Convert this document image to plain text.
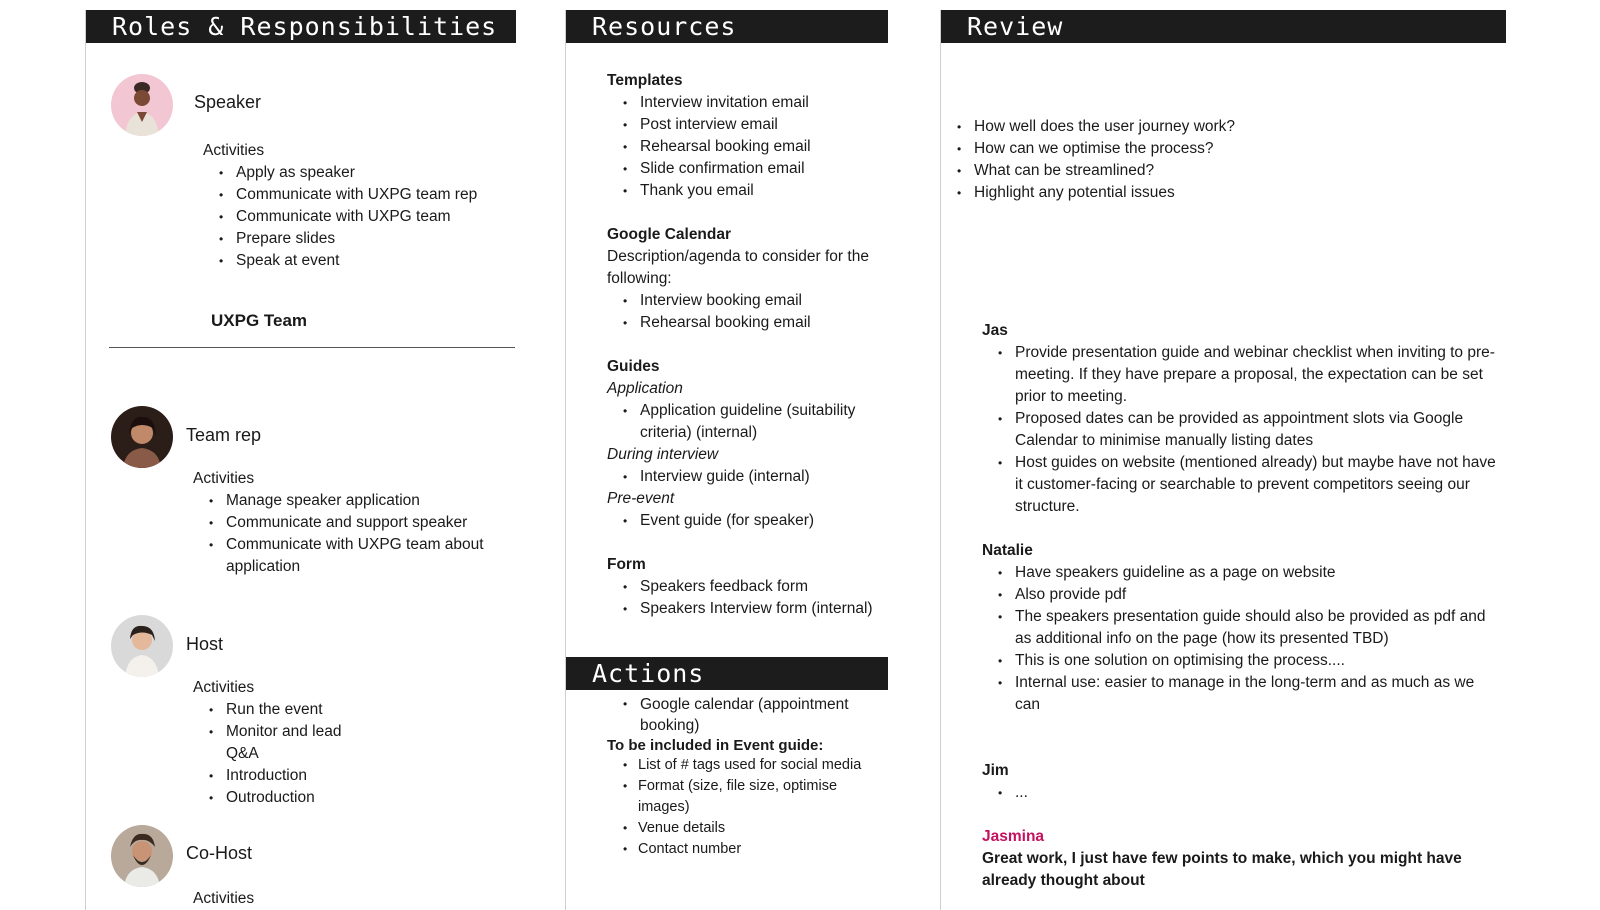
Roles & Responsibilities
Speaker
Activities
• Apply as speaker
• Communicate with UXPG team rep
• Communicate with UXPG team
• Prepare slides
• Speak at event
UXPG Team
Team rep
Activities
• Manage speaker application
• Communicate and support speaker
• Communicate with UXPG team about application
Host
Activities
• Run the event
• Monitor and lead Q&A
• Introduction
• Outroduction
Co-Host
Activities
Resources
Templates
• Interview invitation email
• Post interview email
• Rehearsal booking email
• Slide confirmation email
• Thank you email
Google Calendar
Description/agenda to consider for the following:
• Interview booking email
• Rehearsal booking email
Guides
Application
• Application guideline (suitability criteria) (internal)
During interview
• Interview guide (internal)
Pre-event
• Event guide (for speaker)
Form
• Speakers feedback form
• Speakers Interview form (internal)
Actions
• Google calendar (appointment booking)
To be included in Event guide:
• List of # tags used for social media
• Format (size, file size, optimise images)
• Venue details
• Contact number
Review
• How well does the user journey work?
• How can we optimise the process?
• What can be streamlined?
• Highlight any potential issues
Jas
• Provide presentation guide and webinar checklist when inviting to pre-meeting. If they have prepare a proposal, the expectation can be set prior to meeting.
• Proposed dates can be provided as appointment slots via Google Calendar to minimise manually listing dates
• Host guides on website (mentioned already) but maybe have not have it customer-facing or searchable to prevent competitors seeing our structure.
Natalie
• Have speakers guideline as a page on website
• Also provide pdf
• The speakers presentation guide should also be provided as pdf and as additional info on the page (how its presented TBD)
• This is one solution on optimising the process....
• Internal use: easier to manage in the long-term and as much as we can
Jim
• ...
Jasmina
Great work, I just have few points to make, which you might have already thought about
